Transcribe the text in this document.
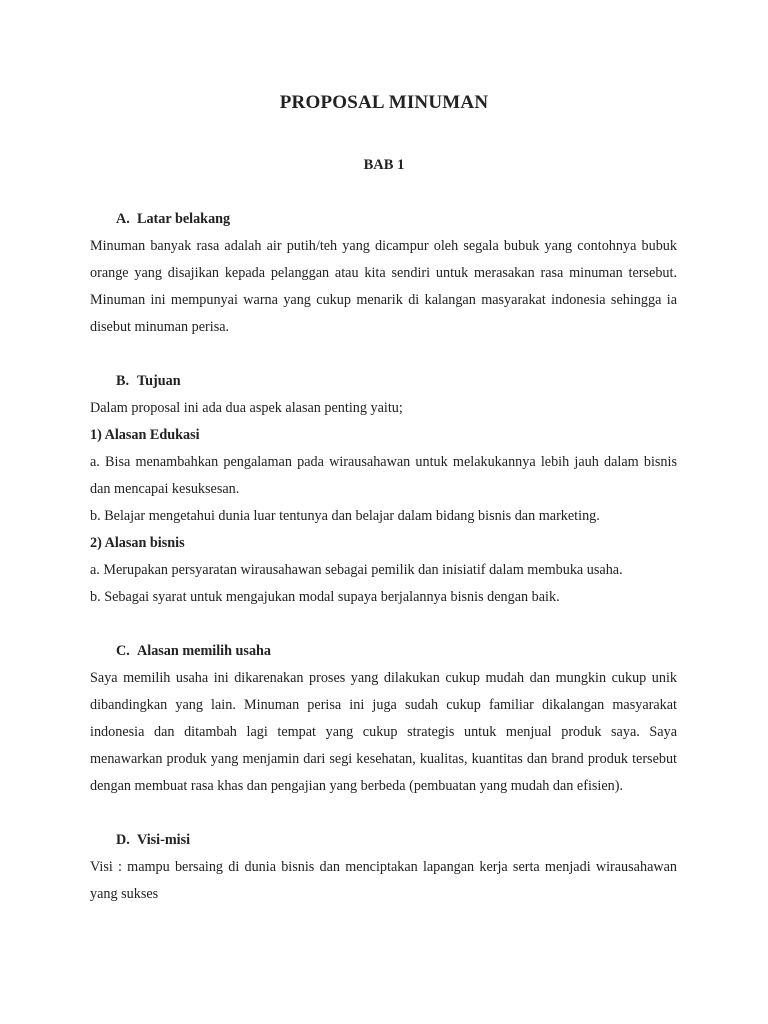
PROPOSAL MINUMAN
BAB 1
A. Latar belakang
Minuman banyak rasa adalah air putih/teh yang dicampur oleh segala bubuk yang contohnya bubuk orange yang disajikan kepada pelanggan atau kita sendiri untuk merasakan rasa minuman tersebut. Minuman ini mempunyai warna yang cukup menarik di kalangan masyarakat indonesia sehingga ia disebut minuman perisa.
B. Tujuan
Dalam proposal ini ada dua aspek alasan penting yaitu;
1) Alasan Edukasi
a. Bisa menambahkan pengalaman pada wirausahawan untuk melakukannya lebih jauh dalam bisnis dan mencapai kesuksesan.
b. Belajar mengetahui dunia luar tentunya dan belajar dalam bidang bisnis dan marketing.
2) Alasan bisnis
a. Merupakan persyaratan wirausahawan sebagai pemilik dan inisiatif dalam membuka usaha.
b. Sebagai syarat untuk mengajukan modal supaya berjalannya bisnis dengan baik.
C. Alasan memilih usaha
Saya memilih usaha ini dikarenakan proses yang dilakukan cukup mudah dan mungkin cukup unik dibandingkan yang lain. Minuman perisa ini juga sudah cukup familiar dikalangan masyarakat indonesia dan ditambah lagi tempat yang cukup strategis untuk menjual produk saya. Saya menawarkan produk yang menjamin dari segi kesehatan, kualitas, kuantitas dan brand produk tersebut dengan membuat rasa khas dan pengajian yang berbeda (pembuatan yang mudah dan efisien).
D. Visi-misi
Visi : mampu bersaing di dunia bisnis dan menciptakan lapangan kerja serta menjadi wirausahawan yang sukses
